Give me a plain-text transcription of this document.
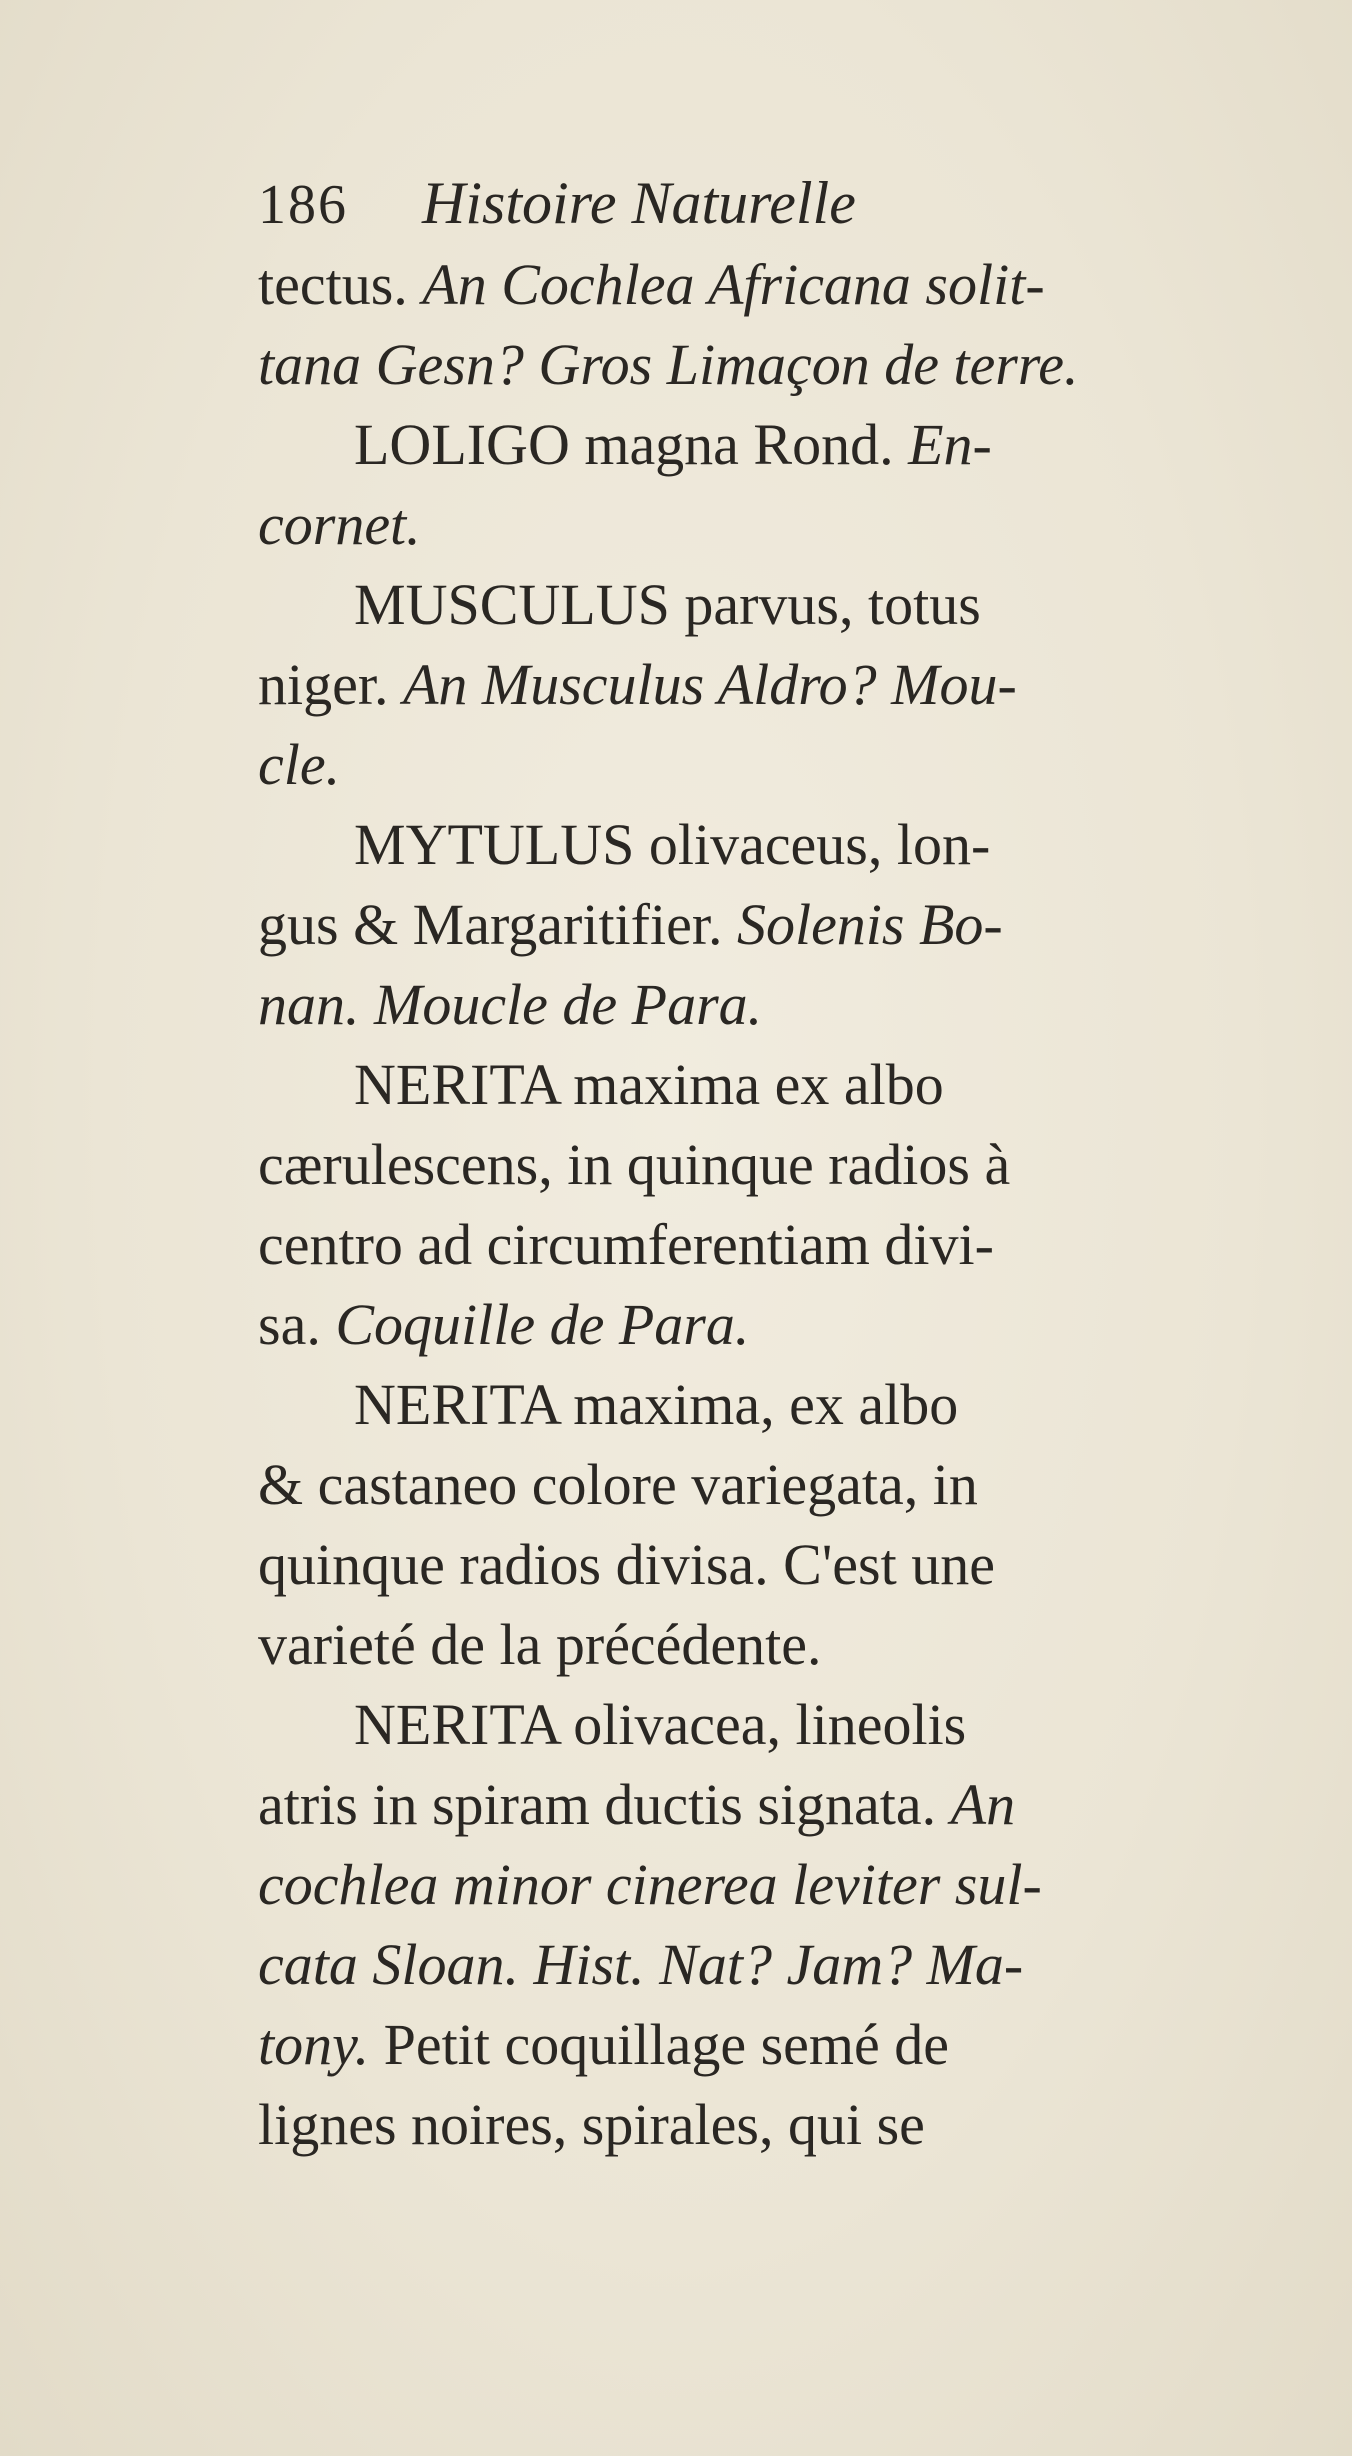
186 Histoire Naturelle
tectus. An Cochlea Africana solit-
tana Gesn? Gros Limaçon de terre.
LOLIGO magna Rond. En-
cornet.
MUSCULUS parvus, totus
niger. An Musculus Aldro? Mou-
cle.
MYTULUS olivaceus, lon-
gus & Margaritifier. Solenis Bo-
nan. Moucle de Para.
NERITA maxima ex albo
cærulescens, in quinque radios à
centro ad circumferentiam divi-
sa. Coquille de Para.
NERITA maxima, ex albo
& castaneo colore variegata, in
quinque radios divisa. C'est une
varieté de la précédente.
NERITA olivacea, lineolis
atris in spiram ductis signata. An
cochlea minor cinerea leviter sul-
cata Sloan. Hist. Nat? Jam? Ma-
tony. Petit coquillage semé de
lignes noires, spirales, qui se
